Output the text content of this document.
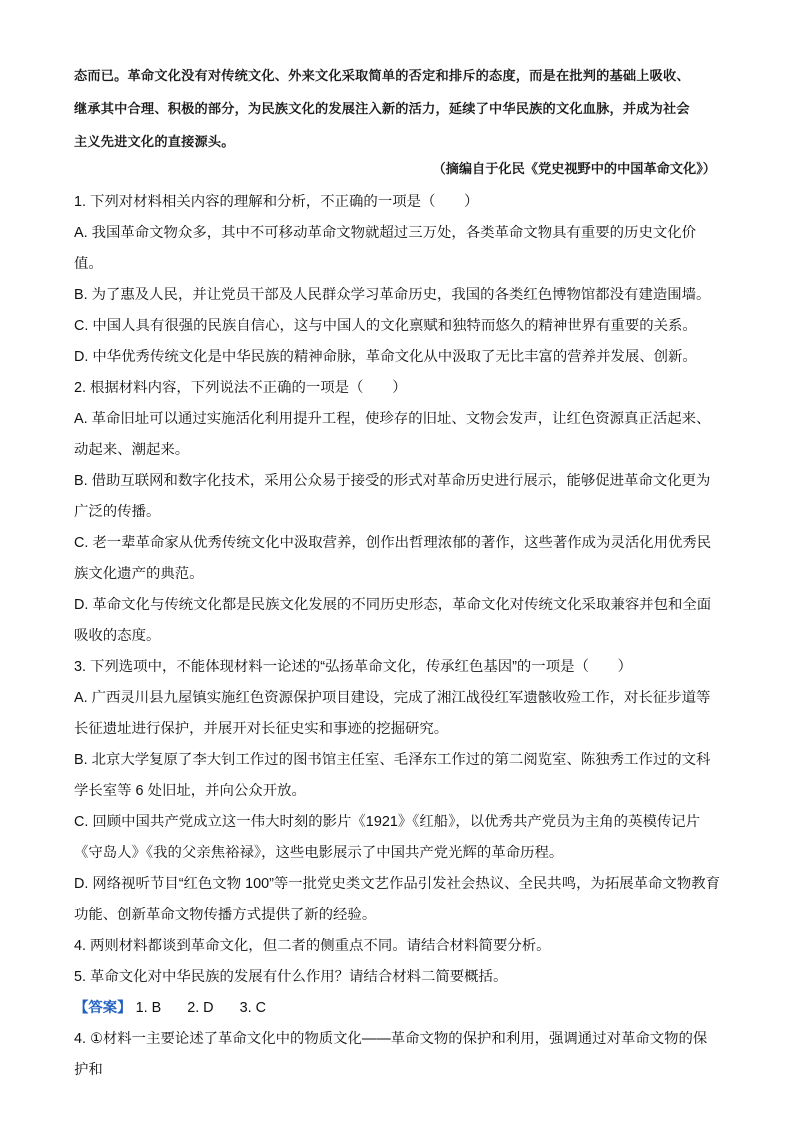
态而已。革命文化没有对传统文化、外来文化采取简单的否定和排斥的态度，而是在批判的基础上吸收、

继承其中合理、积极的部分，为民族文化的发展注入新的活力，延续了中华民族的文化血脉，并成为社会

主义先进文化的直接源头。

（摘编自于化民《党史视野中的中国革命文化》）

1. 下列对材料相关内容的理解和分析，不正确的一项是（　　）

A. 我国革命文物众多，其中不可移动革命文物就超过三万处，各类革命文物具有重要的历史文化价值。

B. 为了惠及人民，并让党员干部及人民群众学习革命历史，我国的各类红色博物馆都没有建造围墙。

C. 中国人具有很强的民族自信心，这与中国人的文化禀赋和独特而悠久的精神世界有重要的关系。

D. 中华优秀传统文化是中华民族的精神命脉，革命文化从中汲取了无比丰富的营养并发展、创新。

2. 根据材料内容，下列说法不正确的一项是（　　）

A. 革命旧址可以通过实施活化利用提升工程，使珍存的旧址、文物会发声，让红色资源真正活起来、动起来、潮起来。

B. 借助互联网和数字化技术，采用公众易于接受的形式对革命历史进行展示，能够促进革命文化更为广泛的传播。

C. 老一辈革命家从优秀传统文化中汲取营养，创作出哲理浓郁的著作，这些著作成为灵活化用优秀民族文化遗产的典范。

D. 革命文化与传统文化都是民族文化发展的不同历史形态，革命文化对传统文化采取兼容并包和全面吸收的态度。

3. 下列选项中，不能体现材料一论述的“弘扬革命文化，传承红色基因”的一项是（　　）

A. 广西灵川县九屋镇实施红色资源保护项目建设，完成了湘江战役红军遗骸收殓工作，对长征步道等长征遗址进行保护，并展开对长征史实和事迹的挖掘研究。

B. 北京大学复原了李大钊工作过的图书馆主任室、毛泽东工作过的第二阅览室、陈独秀工作过的文科学长室等 6 处旧址，并向公众开放。

C. 回顾中国共产党成立这一伟大时刻的影片《1921》《红船》，以优秀共产党员为主角的英模传记片《守岛人》《我的父亲焦裕禄》，这些电影展示了中国共产党光辉的革命历程。

D. 网络视听节目“红色文物 100”等一批党史类文艺作品引发社会热议、全民共鸣，为拓展革命文物教育功能、创新革命文物传播方式提供了新的经验。

4. 两则材料都谈到革命文化，但二者的侧重点不同。请结合材料简要分析。

5. 革命文化对中华民族的发展有什么作用？请结合材料二简要概括。

【答案】 1. B 2. D 3. C

4. ①材料一主要论述了革命文化中的物质文化——革命文物的保护和利用，强调通过对革命文物的保护和
